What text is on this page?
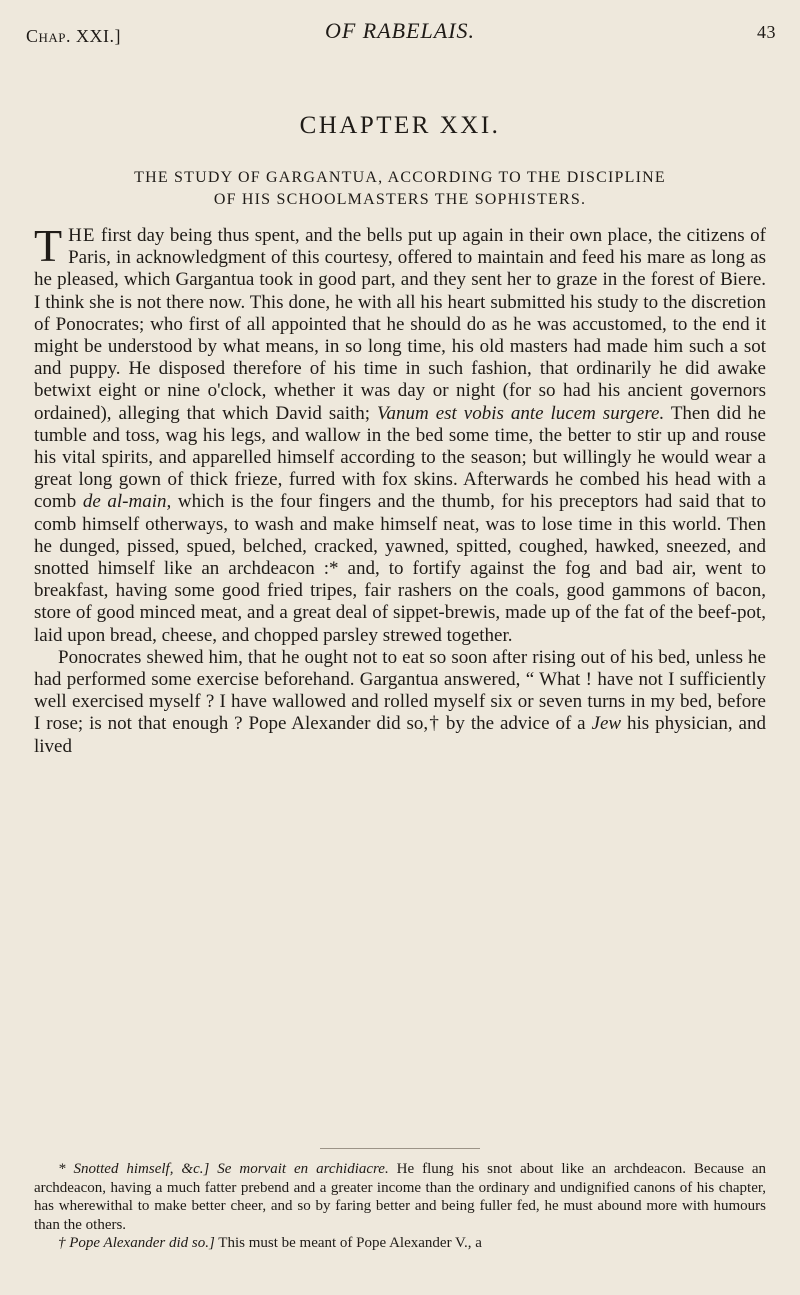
Chap. XXI.]	OF RABELAIS.	43
CHAPTER XXI.
THE STUDY OF GARGANTUA, ACCORDING TO THE DISCIPLINE
OF HIS SCHOOLMASTERS THE SOPHISTERS.

THE first day being thus spent, and the bells put up again in their own place, the citizens of Paris, in acknowledgment of this courtesy, offered to maintain and feed his mare as long as he pleased, which Gargantua took in good part, and they sent her to graze in the forest of Biere. I think she is not there now. This done, he with all his heart submitted his study to the discretion of Ponocrates; who first of all appointed that he should do as he was accustomed, to the end it might be understood by what means, in so long time, his old masters had made him such a sot and puppy. He disposed therefore of his time in such fashion, that ordinarily he did awake betwixt eight or nine o'clock, whether it was day or night (for so had his ancient governors ordained), alleging that which David saith; Vanum est vobis ante lucem surgere. Then did he tumble and toss, wag his legs, and wallow in the bed some time, the better to stir up and rouse his vital spirits, and apparelled himself according to the season; but willingly he would wear a great long gown of thick frieze, furred with fox skins. Afterwards he combed his head with a comb de al-main, which is the four fingers and the thumb, for his preceptors had said that to comb himself otherways, to wash and make himself neat, was to lose time in this world. Then he dunged, pissed, spued, belched, cracked, yawned, spitted, coughed, hawked, sneezed, and snotted himself like an archdeacon :* and, to fortify against the fog and bad air, went to breakfast, having some good fried tripes, fair rashers on the coals, good gammons of bacon, store of good minced meat, and a great deal of sippet-brewis, made up of the fat of the beef-pot, laid upon bread, cheese, and chopped parsley strewed together.

Ponocrates shewed him, that he ought not to eat so soon after rising out of his bed, unless he had performed some exercise beforehand. Gargantua answered, “ What ! have not I sufficiently well exercised myself ? I have wallowed and rolled myself six or seven turns in my bed, before I rose; is not that enough ? Pope Alexander did so,† by the advice of a Jew his physician, and lived

* Snotted himself, &c.] Se morvait en archidiacre. He flung his snot about like an archdeacon. Because an archdeacon, having a much fatter prebend and a greater income than the ordinary and undignified canons of his chapter, has wherewithal to make better cheer, and so by faring better and being fuller fed, he must abound more with humours than the others.

† Pope Alexander did so.] This must be meant of Pope Alexander V., a
